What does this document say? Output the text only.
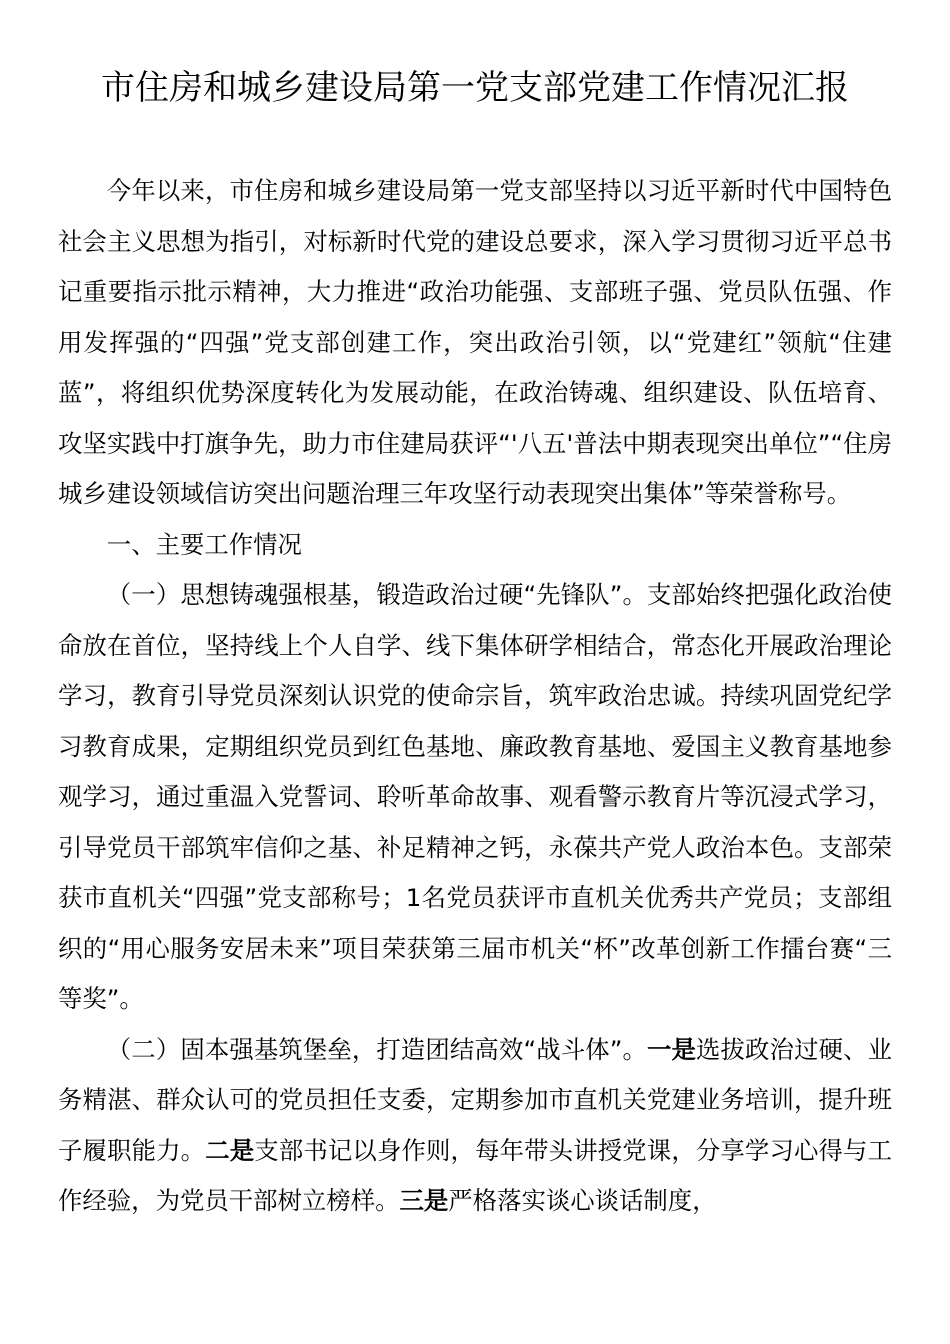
市住房和城乡建设局第一党支部党建工作情况汇报

今年以来，市住房和城乡建设局第一党支部坚持以习近平新时代中国特色社会主义思想为指引，对标新时代党的建设总要求，深入学习贯彻习近平总书记重要指示批示精神，大力推进“政治功能强、支部班子强、党员队伍强、作用发挥强的“四强”党支部创建工作，突出政治引领，以“党建红”领航“住建蓝”，将组织优势深度转化为发展动能，在政治铸魂、组织建设、队伍培育、攻坚实践中打旗争先，助力市住建局获评“'八五'普法中期表现突出单位”“住房城乡建设领域信访突出问题治理三年攻坚行动表现突出集体”等荣誉称号。

一、主要工作情况

（一）思想铸魂强根基，锻造政治过硬“先锋队”。支部始终把强化政治使命放在首位，坚持线上个人自学、线下集体研学相结合，常态化开展政治理论学习，教育引导党员深刻认识党的使命宗旨，筑牢政治忠诚。持续巩固党纪学习教育成果，定期组织党员到红色基地、廉政教育基地、爱国主义教育基地参观学习，通过重温入党誓词、聆听革命故事、观看警示教育片等沉浸式学习，引导党员干部筑牢信仰之基、补足精神之钙，永葆共产党人政治本色。支部荣获市直机关“四强”党支部称号；1名党员获评市直机关优秀共产党员；支部组织的“用心服务安居未来”项目荣获第三届市机关“杯”改革创新工作擂台赛“三等奖”。

（二）固本强基筑堡垒，打造团结高效“战斗体”。一是选拔政治过硬、业务精湛、群众认可的党员担任支委，定期参加市直机关党建业务培训，提升班子履职能力。二是支部书记以身作则，每年带头讲授党课，分享学习心得与工作经验，为党员干部树立榜样。三是严格落实谈心谈话制度，
